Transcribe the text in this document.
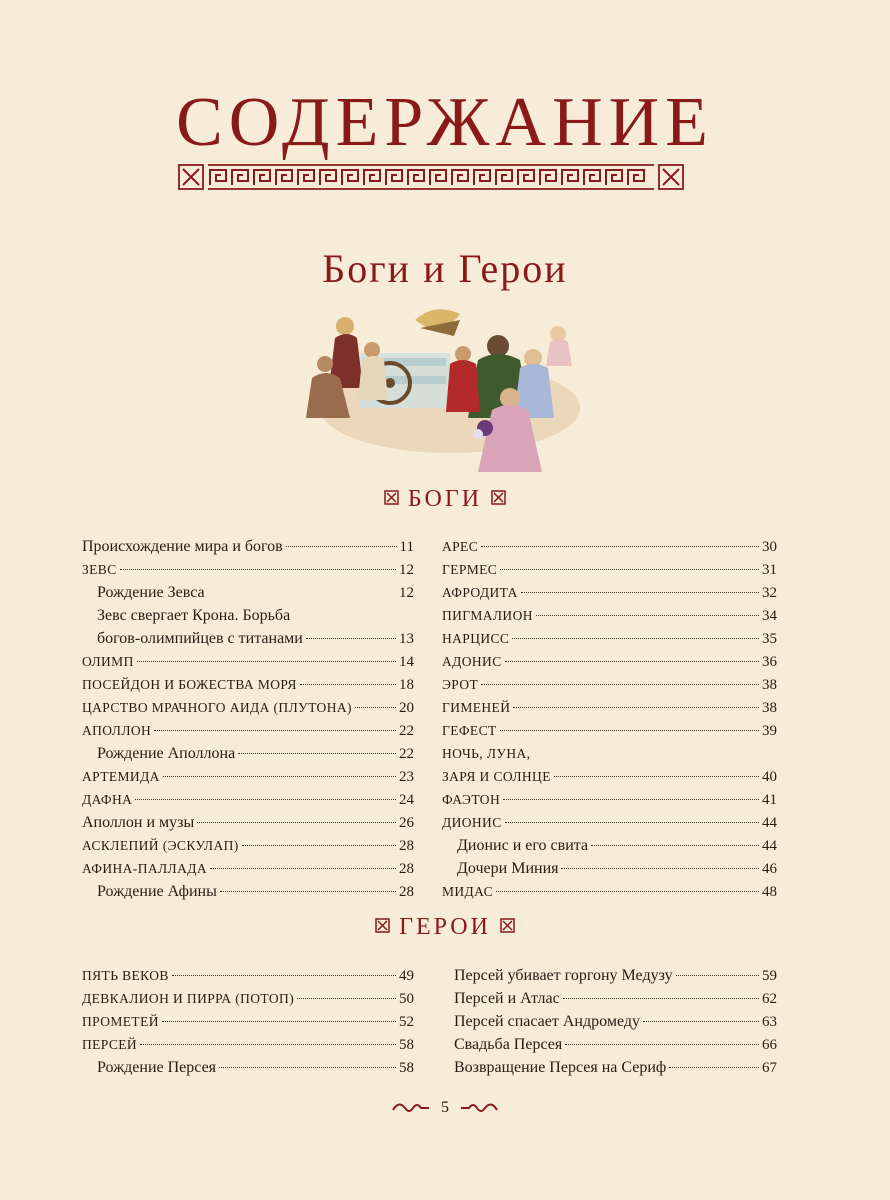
СОДЕРЖАНИЕ
Боги и Герои
БОГИ
Происхождение мира и богов	11
ЗЕВС	12
Рождение Зевса	12
Зевс свергает Крона. Борьба
богов-олимпийцев с титанами	13
ОЛИМП	14
ПОСЕЙДОН И БОЖЕСТВА МОРЯ	18
ЦАРСТВО МРАЧНОГО АИДА (ПЛУТОНА)	20
АПОЛЛОН	22
Рождение Аполлона	22
АРТЕМИДА	23
ДАФНА	24
Аполлон и музы	26
АСКЛЕПИЙ (ЭСКУЛАП)	28
АФИНА-ПАЛЛАДА	28
Рождение Афины	28
АРЕС	30
ГЕРМЕС	31
АФРОДИТА	32
ПИГМАЛИОН	34
НАРЦИСС	35
АДОНИС	36
ЭРОТ	38
ГИМЕНЕЙ	38
ГЕФЕСТ	39
НОЧЬ, ЛУНА,
ЗАРЯ И СОЛНЦЕ	40
ФАЭТОН	41
ДИОНИС	44
Дионис и его свита	44
Дочери Миния	46
МИДАС	48
ГЕРОИ
ПЯТЬ ВЕКОВ	49
ДЕВКАЛИОН И ПИРРА (ПОТОП)	50
ПРОМЕТЕЙ	52
ПЕРСЕЙ	58
Рождение Персея	58
Персей убивает горгону Медузу	59
Персей и Атлас	62
Персей спасает Андромеду	63
Свадьба Персея	66
Возвращение Персея на Сериф	67
5
